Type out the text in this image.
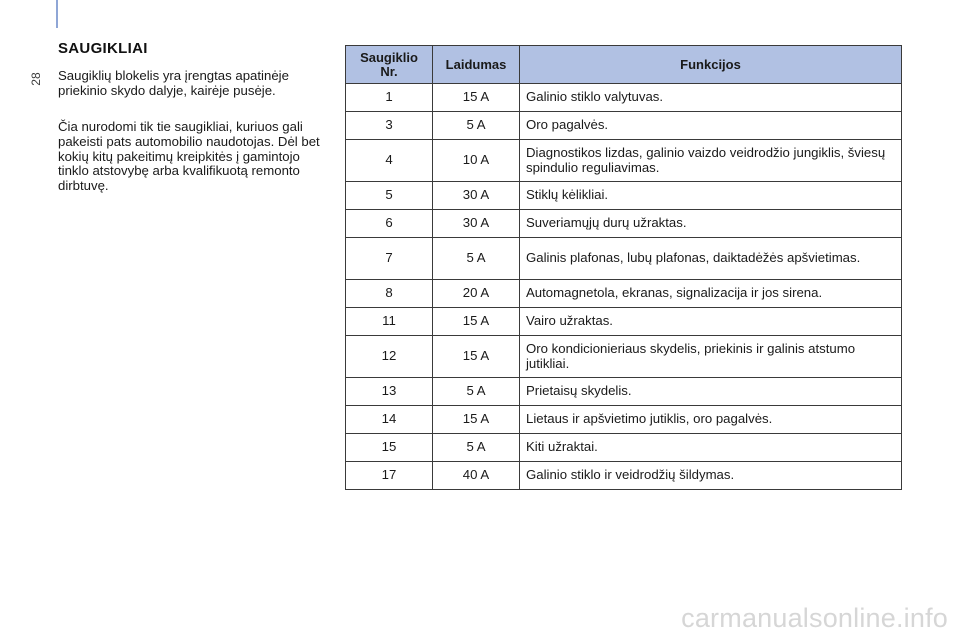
28
SAUGIKLIAI

Saugiklių blokelis yra įrengtas apatinėje priekinio skydo dalyje, kairėje pusėje.

Čia nurodomi tik tie saugikliai, kuriuos gali pakeisti pats automobilio naudotojas. Dėl bet kokių kitų pakeitimų kreipkitės į gamintojo tinklo atstovybę arba kvalifikuotą remonto dirbtuvę.

Saugiklio Nr.	Laidumas	Funkcijos
1	15 A	Galinio stiklo valytuvas.
3	5 A	Oro pagalvės.
4	10 A	Diagnostikos lizdas, galinio vaizdo veidrodžio jungiklis, šviesų spindulio reguliavimas.
5	30 A	Stiklų kėlikliai.
6	30 A	Suveriamųjų durų užraktas.
7	5 A	Galinis plafonas, lubų plafonas, daiktadėžės apšvietimas.
8	20 A	Automagnetola, ekranas, signalizacija ir jos sirena.
11	15 A	Vairo užraktas.
12	15 A	Oro kondicionieriaus skydelis, priekinis ir galinis atstumo jutikliai.
13	5 A	Prietaisų skydelis.
14	15 A	Lietaus ir apšvietimo jutiklis, oro pagalvės.
15	5 A	Kiti užraktai.
17	40 A	Galinio stiklo ir veidrodžių šildymas.
carmanualsonline.info
